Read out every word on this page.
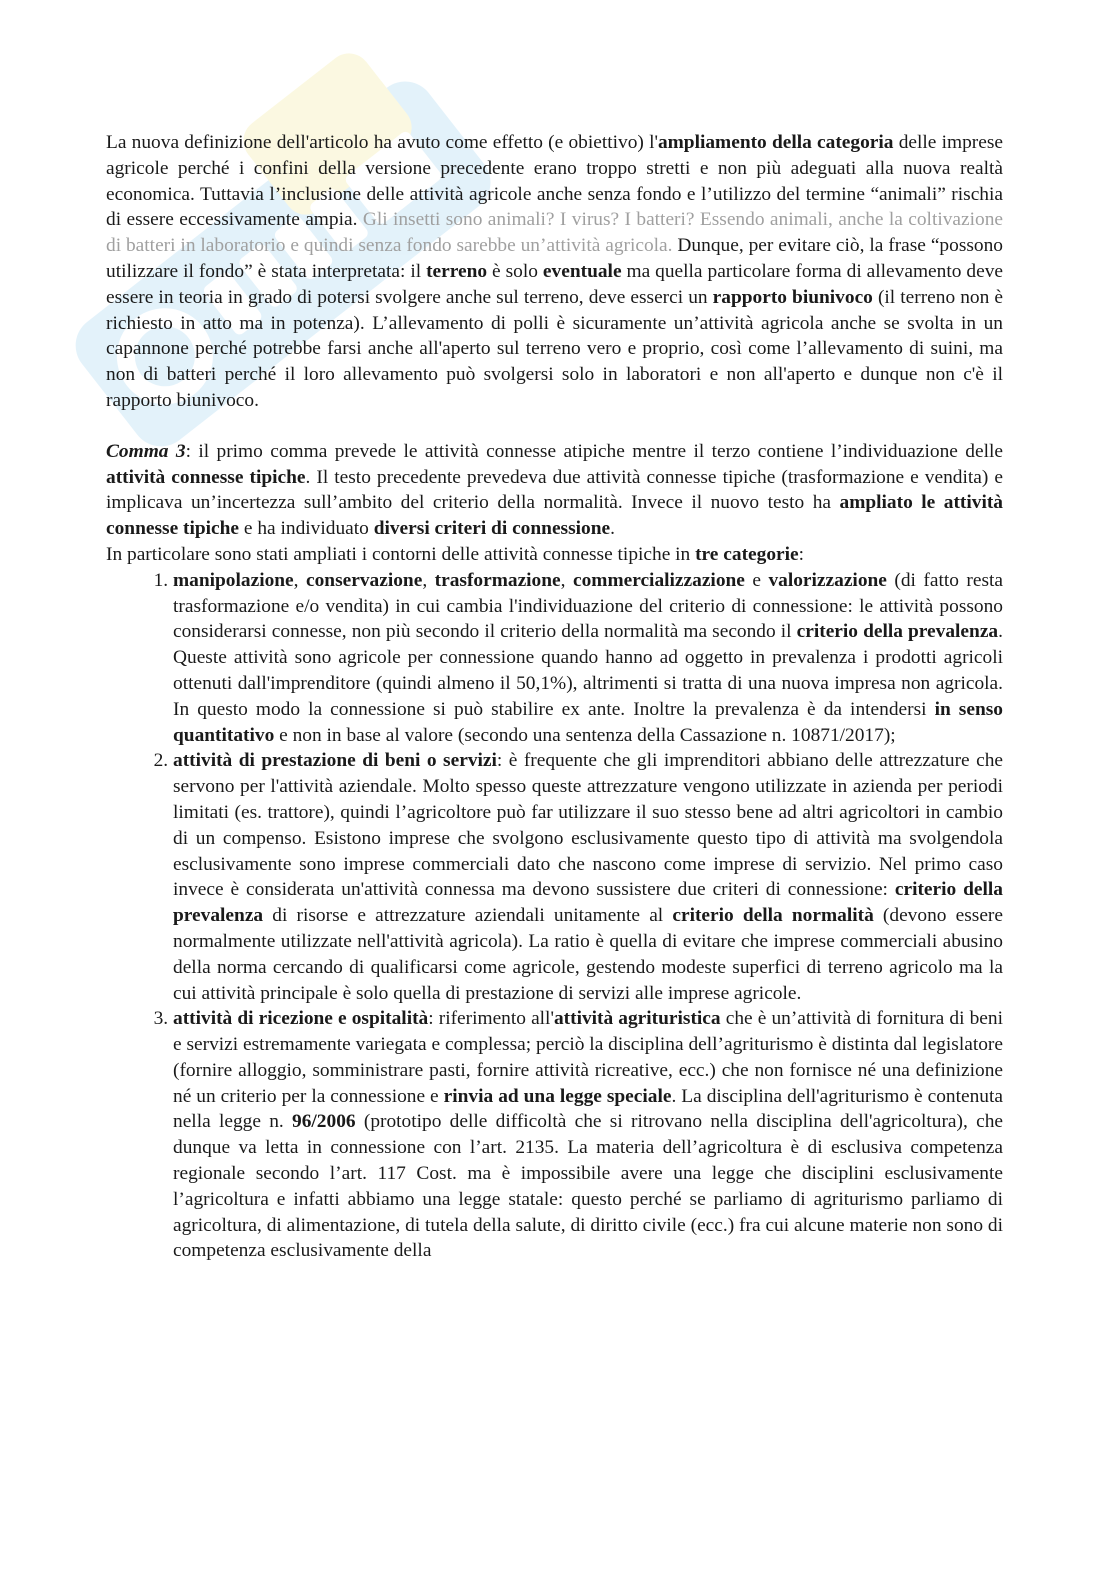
La nuova definizione dell'articolo ha avuto come effetto (e obiettivo) l'ampliamento della categoria delle imprese agricole perché i confini della versione precedente erano troppo stretti e non più adeguati alla nuova realtà economica. Tuttavia l’inclusione delle attività agricole anche senza fondo e l’utilizzo del termine “animali” rischia di essere eccessivamente ampia. Gli insetti sono animali? I virus? I batteri? Essendo animali, anche la coltivazione di batteri in laboratorio e quindi senza fondo sarebbe un’attività agricola. Dunque, per evitare ciò, la frase “possono utilizzare il fondo” è stata interpretata: il terreno è solo eventuale ma quella particolare forma di allevamento deve essere in teoria in grado di potersi svolgere anche sul terreno, deve esserci un rapporto biunivoco (il terreno non è richiesto in atto ma in potenza). L’allevamento di polli è sicuramente un’attività agricola anche se svolta in un capannone perché potrebbe farsi anche all'aperto sul terreno vero e proprio, così come l’allevamento di suini, ma non di batteri perché il loro allevamento può svolgersi solo in laboratori e non all'aperto e dunque non c'è il rapporto biunivoco.

Comma 3: il primo comma prevede le attività connesse atipiche mentre il terzo contiene l’individuazione delle attività connesse tipiche. Il testo precedente prevedeva due attività connesse tipiche (trasformazione e vendita) e implicava un’incertezza sull’ambito del criterio della normalità. Invece il nuovo testo ha ampliato le attività connesse tipiche e ha individuato diversi criteri di connessione.

In particolare sono stati ampliati i contorni delle attività connesse tipiche in tre categorie:

1. manipolazione, conservazione, trasformazione, commercializzazione e valorizzazione (di fatto resta trasformazione e/o vendita) in cui cambia l'individuazione del criterio di connessione: le attività possono considerarsi connesse, non più secondo il criterio della normalità ma secondo il criterio della prevalenza. Queste attività sono agricole per connessione quando hanno ad oggetto in prevalenza i prodotti agricoli ottenuti dall'imprenditore (quindi almeno il 50,1%), altrimenti si tratta di una nuova impresa non agricola. In questo modo la connessione si può stabilire ex ante. Inoltre la prevalenza è da intendersi in senso quantitativo e non in base al valore (secondo una sentenza della Cassazione n. 10871/2017);
2. attività di prestazione di beni o servizi: è frequente che gli imprenditori abbiano delle attrezzature che servono per l'attività aziendale. Molto spesso queste attrezzature vengono utilizzate in azienda per periodi limitati (es. trattore), quindi l’agricoltore può far utilizzare il suo stesso bene ad altri agricoltori in cambio di un compenso. Esistono imprese che svolgono esclusivamente questo tipo di attività ma svolgendola esclusivamente sono imprese commerciali dato che nascono come imprese di servizio. Nel primo caso invece è considerata un'attività connessa ma devono sussistere due criteri di connessione: criterio della prevalenza di risorse e attrezzature aziendali unitamente al criterio della normalità (devono essere normalmente utilizzate nell'attività agricola). La ratio è quella di evitare che imprese commerciali abusino della norma cercando di qualificarsi come agricole, gestendo modeste superfici di terreno agricolo ma la cui attività principale è solo quella di prestazione di servizi alle imprese agricole.
3. attività di ricezione e ospitalità: riferimento all'attività agrituristica che è un’attività di fornitura di beni e servizi estremamente variegata e complessa; perciò la disciplina dell’agriturismo è distinta dal legislatore (fornire alloggio, somministrare pasti, fornire attività ricreative, ecc.) che non fornisce né una definizione né un criterio per la connessione e rinvia ad una legge speciale. La disciplina dell'agriturismo è contenuta nella legge n. 96/2006 (prototipo delle difficoltà che si ritrovano nella disciplina dell'agricoltura), che dunque va letta in connessione con l’art. 2135. La materia dell’agricoltura è di esclusiva competenza regionale secondo l’art. 117 Cost. ma è impossibile avere una legge che disciplini esclusivamente l’agricoltura e infatti abbiamo una legge statale: questo perché se parliamo di agriturismo parliamo di agricoltura, di alimentazione, di tutela della salute, di diritto civile (ecc.) fra cui alcune materie non sono di competenza esclusivamente della
